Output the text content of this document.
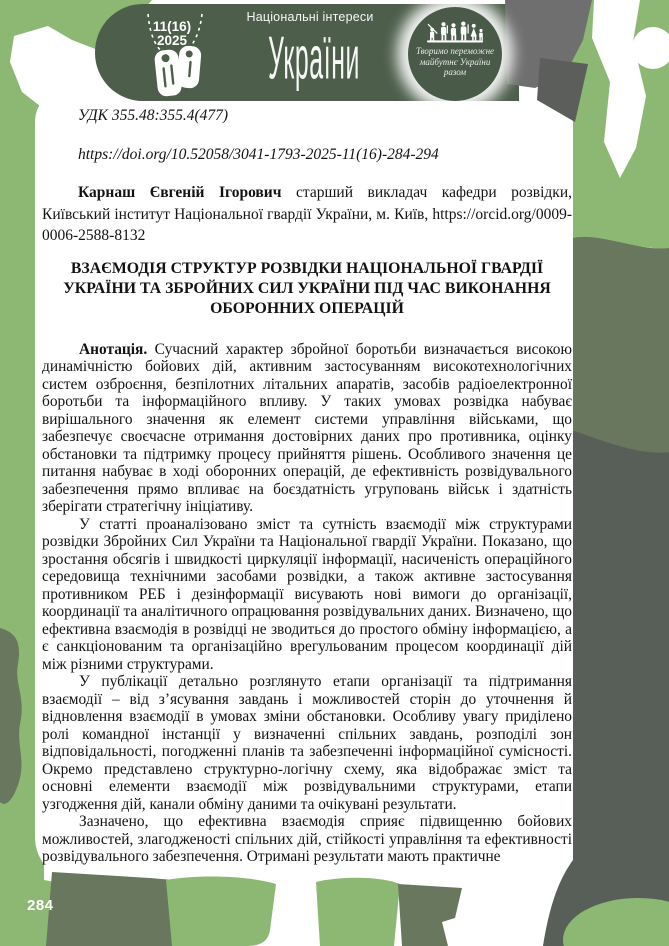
УДК 355.48:355.4(477)
https://doi.org/10.52058/3041-1793-2025-11(16)-284-294

Карнаш Євгеній Ігорович старший викладач кафедри розвідки, Київський інститут Національної гвардії України, м. Київ, https://orcid.org/0009-0006-2588-8132

ВЗАЄМОДІЯ СТРУКТУР РОЗВІДКИ НАЦІОНАЛЬНОЇ ГВАРДІЇ УКРАЇНИ ТА ЗБРОЙНИХ СИЛ УКРАЇНИ ПІД ЧАС ВИКОНАННЯ ОБОРОННИХ ОПЕРАЦІЙ

Анотація. Сучасний характер збройної боротьби визначається високою динамічністю бойових дій, активним застосуванням високотехнологічних систем озброєння, безпілотних літальних апаратів, засобів радіоелектронної боротьби та інформаційного впливу. У таких умовах розвідка набуває вирішального значення як елемент системи управління військами, що забезпечує своєчасне отримання достовірних даних про противника, оцінку обстановки та підтримку процесу прийняття рішень. Особливого значення це питання набуває в ході оборонних операцій, де ефективність розвідувального забезпечення прямо впливає на боєздатність угруповань військ і здатність зберігати стратегічну ініціативу.

У статті проаналізовано зміст та сутність взаємодії між структурами розвідки Збройних Сил України та Національної гвардії України. Показано, що зростання обсягів і швидкості циркуляції інформації, насиченість операційного середовища технічними засобами розвідки, а також активне застосування противником РЕБ і дезінформації висувають нові вимоги до організації, координації та аналітичного опрацювання розвідувальних даних. Визначено, що ефективна взаємодія в розвідці не зводиться до простого обміну інформацією, а є санкціонованим та організаційно врегульованим процесом координації дій між різними структурами.

У публікації детально розглянуто етапи організації та підтримання взаємодії – від з’ясування завдань і можливостей сторін до уточнення й відновлення взаємодії в умовах зміни обстановки. Особливу увагу приділено ролі командної інстанції у визначенні спільних завдань, розподілі зон відповідальності, погодженні планів та забезпеченні інформаційної сумісності. Окремо представлено структурно-логічну схему, яка відображає зміст та основні елементи взаємодії між розвідувальними структурами, етапи узгодження дій, канали обміну даними та очікувані результати.

Зазначено, що ефективна взаємодія сприяє підвищенню бойових можливостей, злагодженості спільних дій, стійкості управління та ефективності розвідувального забезпечення. Отримані результати мають практичне

11(16)
2025
Національні інтереси
України	Творимо переможне
майбутнє України
разом
284
